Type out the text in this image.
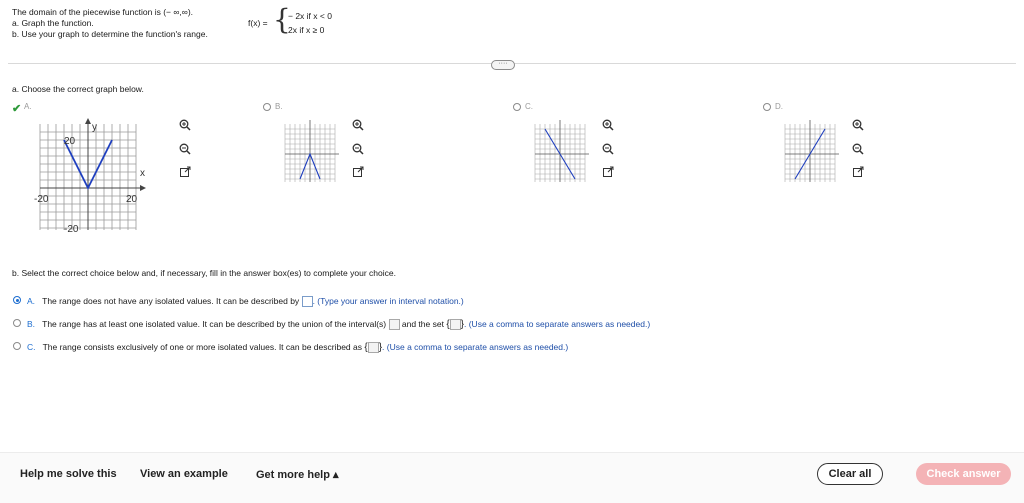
The domain of the piecewise function is (− ∞,∞).
a. Graph the function.
b. Use your graph to determine the function's range.
f(x) = {
− 2x if x < 0
2x if x ≥ 0
····
a. Choose the correct graph below.
✔ A.
y
x
20
-20
-20	20
B.	C.	D.
b. Select the correct choice below and, if necessary, fill in the answer box(es) to complete your choice.
A. The range does not have any isolated values. It can be described by . (Type your answer in interval notation.)
B. The range has at least one isolated value. It can be described by the union of the interval(s) and the set { }. (Use a comma to separate answers as needed.)
C. The range consists exclusively of one or more isolated values. It can be described as { }. (Use a comma to separate answers as needed.)
Help me solve this View an example	Get more help ▴	Clear all	Check answer
